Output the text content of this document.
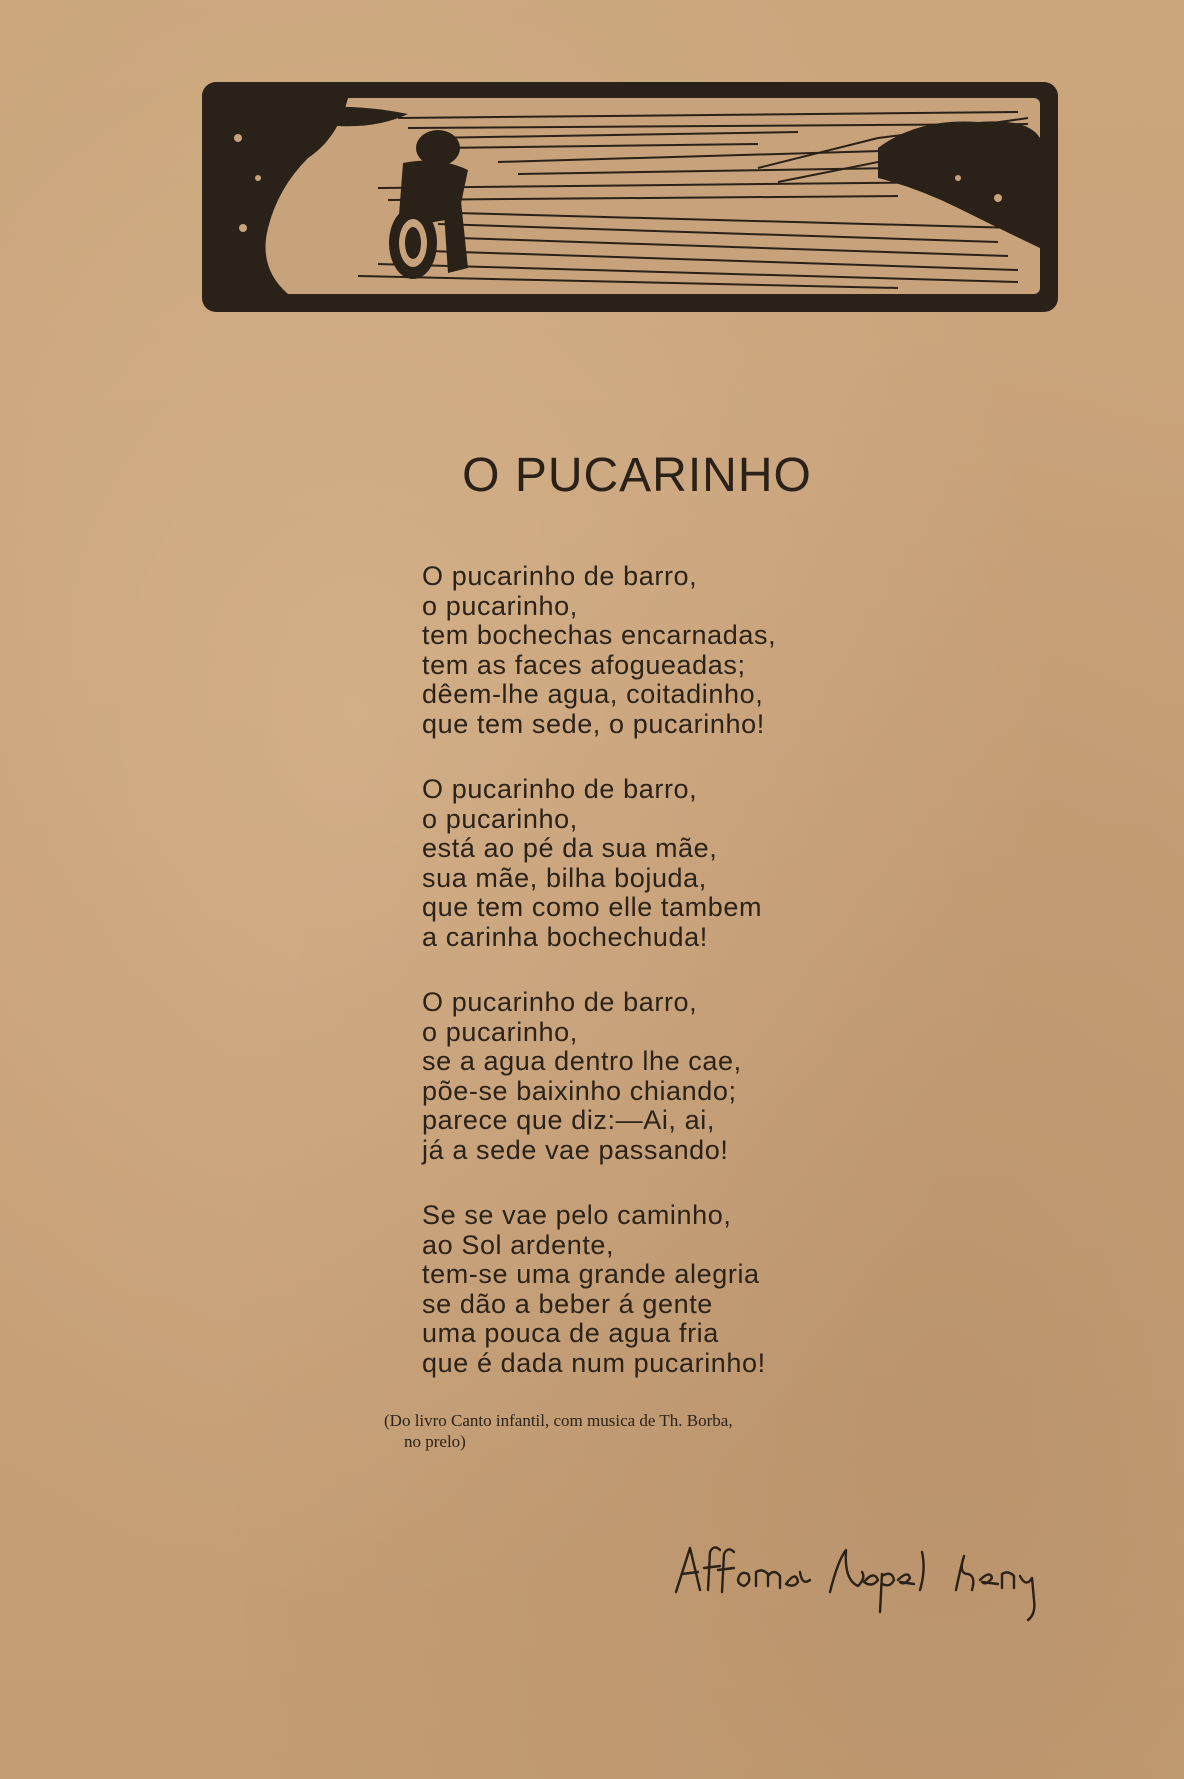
O PUCARINHO
O pucarinho de barro,
o pucarinho,
tem bochechas encarnadas,
tem as faces afogueadas;
dêem-lhe agua, coitadinho,
que tem sede, o pucarinho!
O pucarinho de barro,
o pucarinho,
está ao pé da sua mãe,
sua mãe, bilha bojuda,
que tem como elle tambem
a carinha bochechuda!
O pucarinho de barro,
o pucarinho,
se a agua dentro lhe cae,
põe-se baixinho chiando;
parece que diz:—Ai, ai,
já a sede vae passando!
Se se vae pelo caminho,
ao Sol ardente,
tem-se uma grande alegria
se dão a beber á gente
uma pouca de agua fria
que é dada num pucarinho!
(Do livro Canto infantil, com musica de Th. Borba,
no prelo)
